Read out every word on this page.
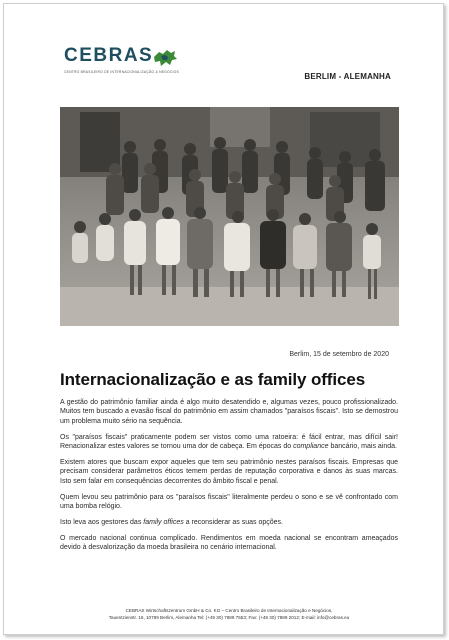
CEBRAS
CENTRO BRASILEIRO DE INTERNACIONALIZAÇÃO & NEGÓCIOS	BERLIM - ALEMANHA
Berlim, 15 de setembro de 2020
Internacionalização e as family offices

A gestão do patrimônio familiar ainda é algo muito desatendido e, algumas vezes, pouco profissionalizado. Muitos tem buscado a evasão fiscal do patrimônio em assim chamados "paraísos fiscais". Isto se demostrou um problema muito sério na sequência.

Os "paraísos fiscais" praticamente podem ser vistos como uma ratoeira: é fácil entrar, mas difícil sair! Renacionalizar estes valores se tornou uma dor de cabeça. Em épocas do compliance bancário, mais ainda.

Existem atores que buscam expor aqueles que tem seu patrimônio nestes paraísos fiscais. Empresas que precisam considerar parâmetros éticos temem perdas de reputação corporativa e danos às suas marcas. Isto sem falar em consequências decorrentes do âmbito fiscal e penal.

Quem levou seu patrimônio para os "paraísos fiscais" literalmente perdeu o sono e se vê confrontado com uma bomba relógio.

Isto leva aos gestores das family offices a reconsiderar as suas opções.

O mercado nacional continua complicado. Rendimentos em moeda nacional se encontram ameaçados devido à desvalorização da moeda brasileira no cenário internacional.

CEBRAS Wirtschaftszentrum GmbH & Co. KG – Centro Brasileiro de Internacionalização e Negócios,
Tauentzienstr. 16, 10789 Berlim, Alemanha Tel: (+49 30) 7889 7553; Fax: (+49 30) 7889 2012; E-mail: info@cebras.eu
